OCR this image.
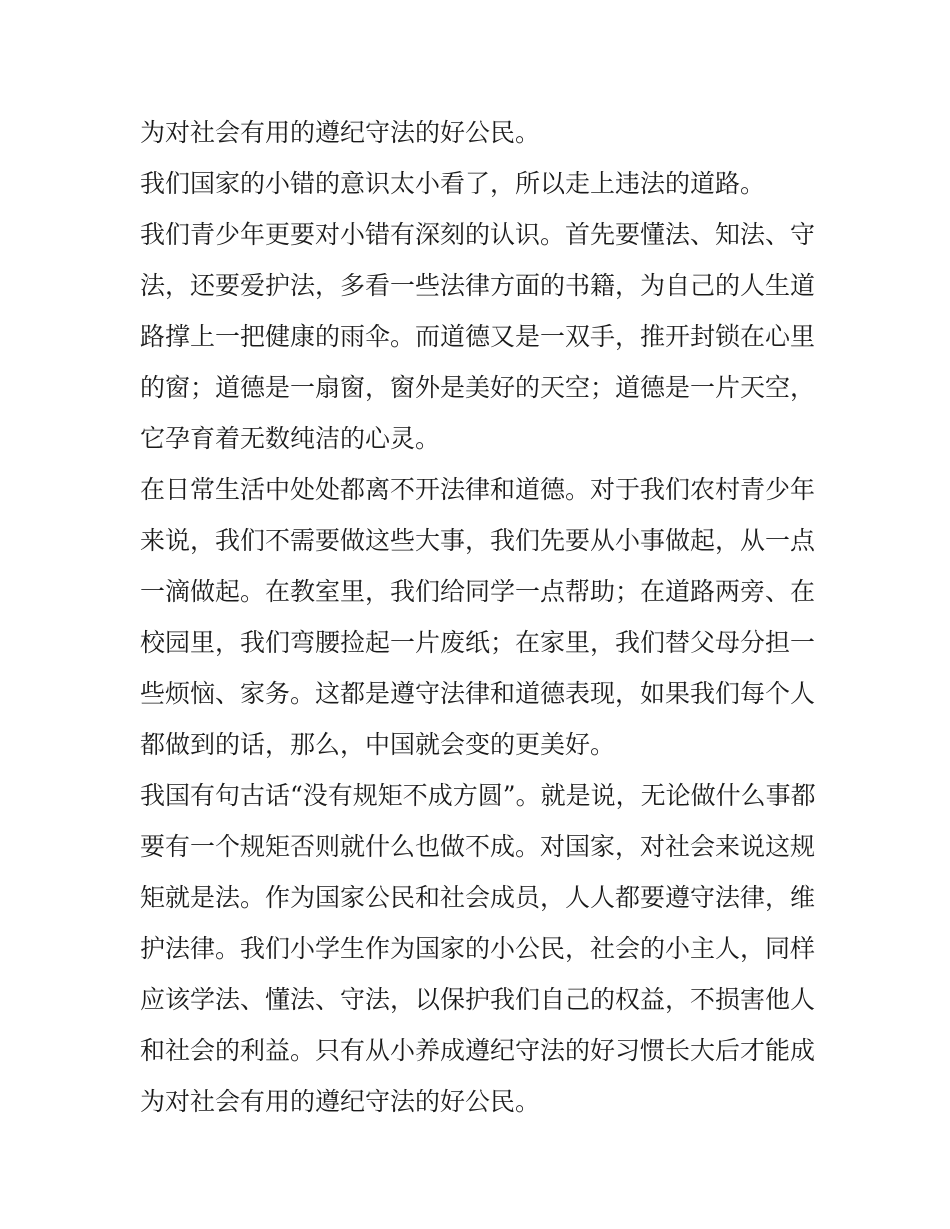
为对社会有用的遵纪守法的好公民。
我们国家的小错的意识太小看了，所以走上违法的道路。
我们青少年更要对小错有深刻的认识。首先要懂法、知法、守
法，还要爱护法，多看一些法律方面的书籍，为自己的人生道
路撑上一把健康的雨伞。而道德又是一双手，推开封锁在心里
的窗；道德是一扇窗，窗外是美好的天空；道德是一片天空，
它孕育着无数纯洁的心灵。
在日常生活中处处都离不开法律和道德。对于我们农村青少年
来说，我们不需要做这些大事，我们先要从小事做起，从一点
一滴做起。在教室里，我们给同学一点帮助；在道路两旁、在
校园里，我们弯腰捡起一片废纸；在家里，我们替父母分担一
些烦恼、家务。这都是遵守法律和道德表现，如果我们每个人
都做到的话，那么，中国就会变的更美好。
我国有句古话“没有规矩不成方圆”。就是说，无论做什么事都
要有一个规矩否则就什么也做不成。对国家，对社会来说这规
矩就是法。作为国家公民和社会成员，人人都要遵守法律，维
护法律。我们小学生作为国家的小公民，社会的小主人，同样
应该学法、懂法、守法，以保护我们自己的权益，不损害他人
和社会的利益。只有从小养成遵纪守法的好习惯长大后才能成
为对社会有用的遵纪守法的好公民。
